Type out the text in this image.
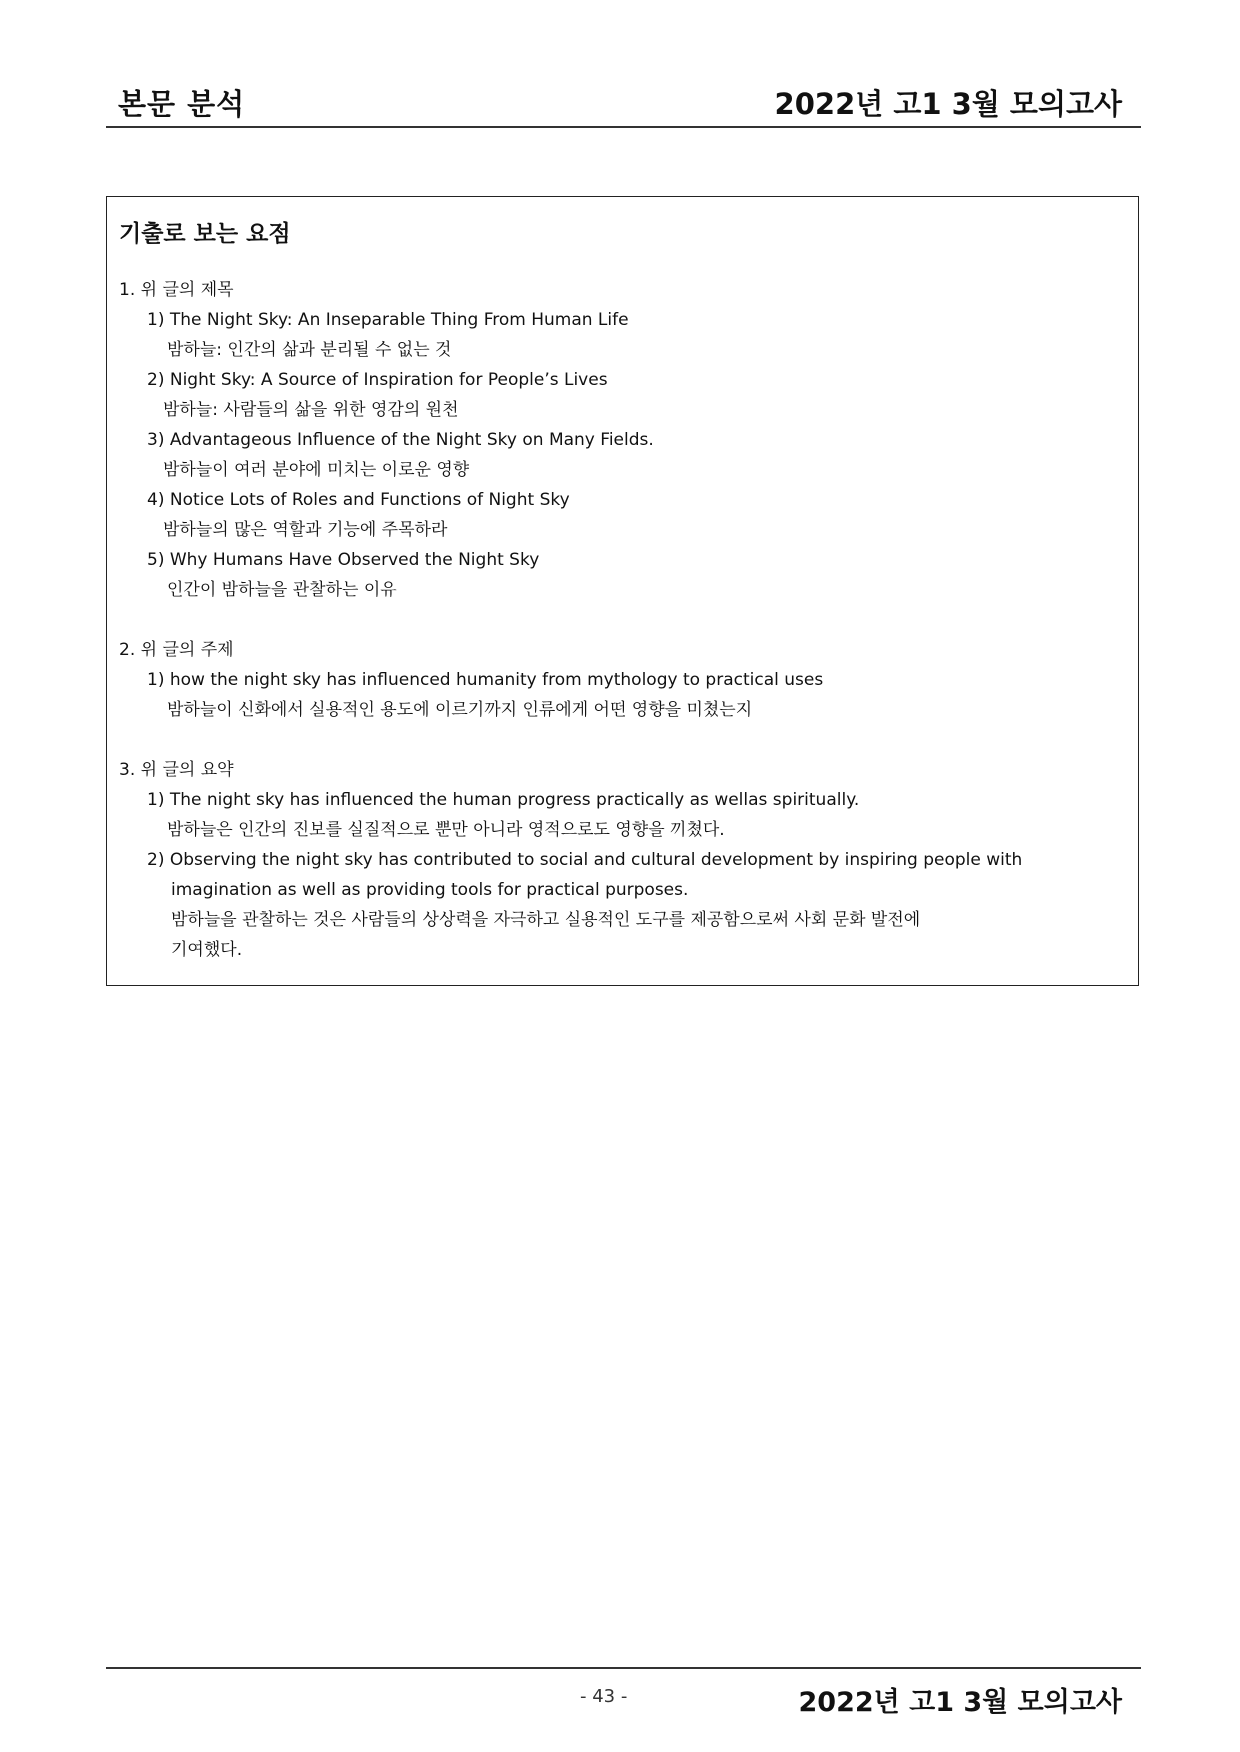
본문 분석	2022년 고1 3월 모의고사
기출로 보는 요점
1. 위 글의 제목
1) The Night Sky: An Inseparable Thing From Human Life
밤하늘: 인간의 삶과 분리될 수 없는 것
2) Night Sky: A Source of Inspiration for People’s Lives
밤하늘: 사람들의 삶을 위한 영감의 원천
3) Advantageous Influence of the Night Sky on Many Fields.
밤하늘이 여러 분야에 미치는 이로운 영향
4) Notice Lots of Roles and Functions of Night Sky
밤하늘의 많은 역할과 기능에 주목하라
5) Why Humans Have Observed the Night Sky
인간이 밤하늘을 관찰하는 이유
2. 위 글의 주제
1) how the night sky has influenced humanity from mythology to practical uses
밤하늘이 신화에서 실용적인 용도에 이르기까지 인류에게 어떤 영향을 미쳤는지
3. 위 글의 요약
1) The night sky has influenced the human progress practically as wellas spiritually.
밤하늘은 인간의 진보를 실질적으로 뿐만 아니라 영적으로도 영향을 끼쳤다.
2) Observing the night sky has contributed to social and cultural development by inspiring people with
imagination as well as providing tools for practical purposes.
밤하늘을 관찰하는 것은 사람들의 상상력을 자극하고 실용적인 도구를 제공함으로써 사회 문화 발전에
기여했다.
- 43 -	2022년 고1 3월 모의고사
